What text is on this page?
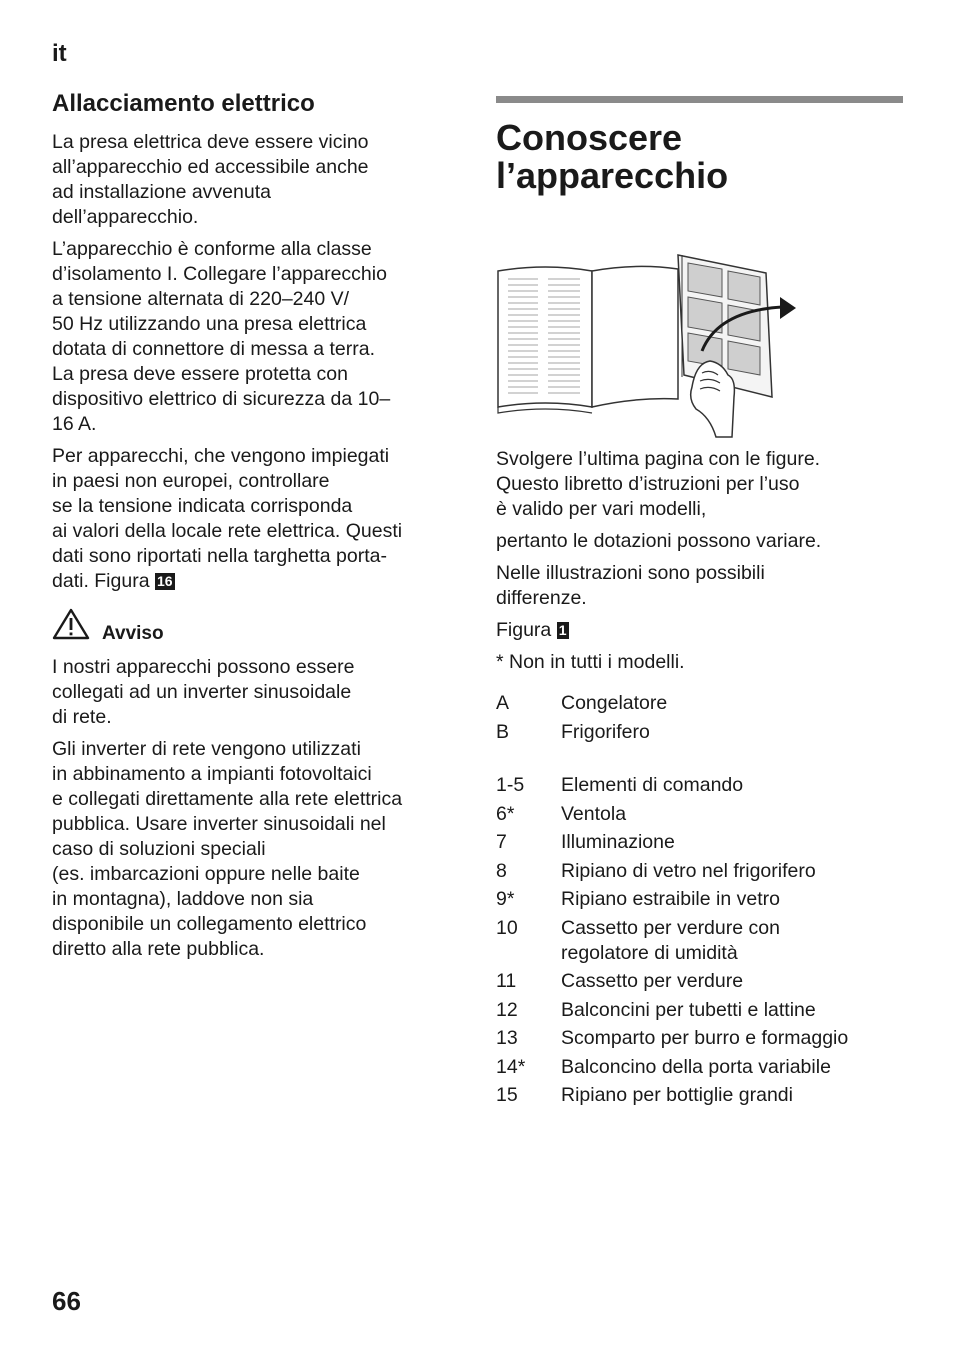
it
Allacciamento elettrico

La presa elettrica deve essere vicino
all’apparecchio ed accessibile anche
ad installazione avvenuta
dell’apparecchio.

L’apparecchio è conforme alla classe
d’isolamento I. Collegare l’apparecchio
a tensione alternata di 220–240 V/
50 Hz utilizzando una presa elettrica
dotata di connettore di messa a terra.
La presa deve essere protetta con
dispositivo elettrico di sicurezza da 10–
16 A.

Per apparecchi, che vengono impiegati
in paesi non europei, controllare
se la tensione indicata corrisponda
ai valori della locale rete elettrica. Questi
dati sono riportati nella targhetta porta-
dati. Figura 16

Avviso

I nostri apparecchi possono essere
collegati ad un inverter sinusoidale
di rete.

Gli inverter di rete vengono utilizzati
in abbinamento a impianti fotovoltaici
e collegati direttamente alla rete elettrica
pubblica. Usare inverter sinusoidali nel
caso di soluzioni speciali
(es. imbarcazioni oppure nelle baite
in montagna), laddove non sia
disponibile un collegamento elettrico
diretto alla rete pubblica.

Conoscere
l’apparecchio

Svolgere l’ultima pagina con le figure.
Questo libretto d’istruzioni per l’uso
è valido per vari modelli,

pertanto le dotazioni possono variare.

Nelle illustrazioni sono possibili
differenze.

Figura 1

* Non in tutti i modelli.

A	Congelatore
B	Frigorifero
1-5	Elementi di comando
6*	Ventola
7	Illuminazione
8	Ripiano di vetro nel frigorifero
9*	Ripiano estraibile in vetro
10	Cassetto per verdure con
regolatore di umidità
11	Cassetto per verdure
12	Balconcini per tubetti e lattine
13	Scomparto per burro e formaggio
14*	Balconcino della porta variabile
15	Ripiano per bottiglie grandi
66
